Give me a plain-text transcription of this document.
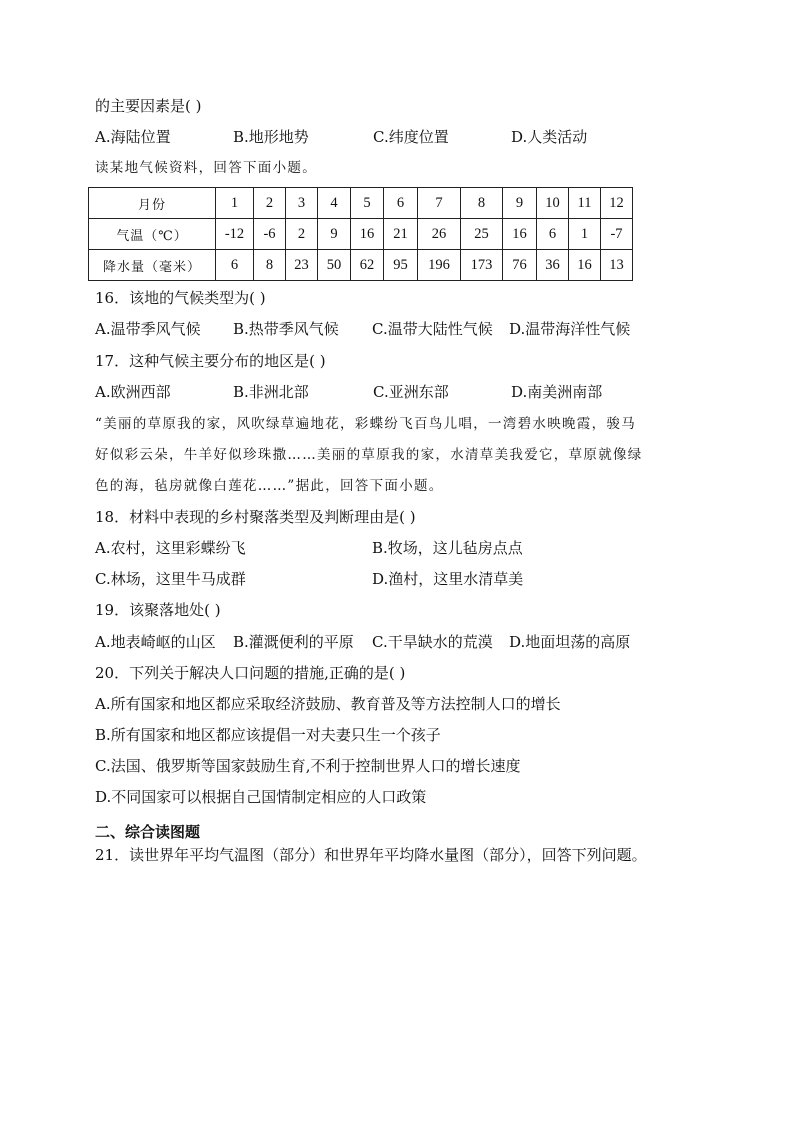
的主要因素是( )
A.海陆位置	B.地形地势	C.纬度位置	D.人类活动
读某地气候资料，回答下面小题。
月份	1	2	3	4	5	6	7	8	9	10	11	12
气温（℃）	-12	-6	2	9	16	21	26	25	16	6	1	-7
降水量（毫米）	6	8	23	50	62	95	196	173	76	36	16	13
16．该地的气候类型为( )
A.温带季风气候 B.热带季风气候 C.温带大陆性气候 D.温带海洋性气候
17．这种气候主要分布的地区是( )
A.欧洲西部	B.非洲北部	C.亚洲东部	D.南美洲南部
“美丽的草原我的家，风吹绿草遍地花，彩蝶纷飞百鸟儿唱，一湾碧水映晚霞，骏马
好似彩云朵，牛羊好似珍珠撒……美丽的草原我的家，水清草美我爱它，草原就像绿
色的海，毡房就像白莲花……”据此，回答下面小题。
18．材料中表现的乡村聚落类型及判断理由是( )
A.农村，这里彩蝶纷飞	B.牧场，这儿毡房点点
C.林场，这里牛马成群	D.渔村，这里水清草美
19．该聚落地处( )
A.地表崎岖的山区 B.灌溉便利的平原 C.干旱缺水的荒漠 D.地面坦荡的高原
20．下列关于解决人口问题的措施,正确的是( )
A.所有国家和地区都应采取经济鼓励、教育普及等方法控制人口的增长
B.所有国家和地区都应该提倡一对夫妻只生一个孩子
C.法国、俄罗斯等国家鼓励生育,不利于控制世界人口的增长速度
D.不同国家可以根据自己国情制定相应的人口政策
二、综合读图题
21．读世界年平均气温图（部分）和世界年平均降水量图（部分），回答下列问题。
